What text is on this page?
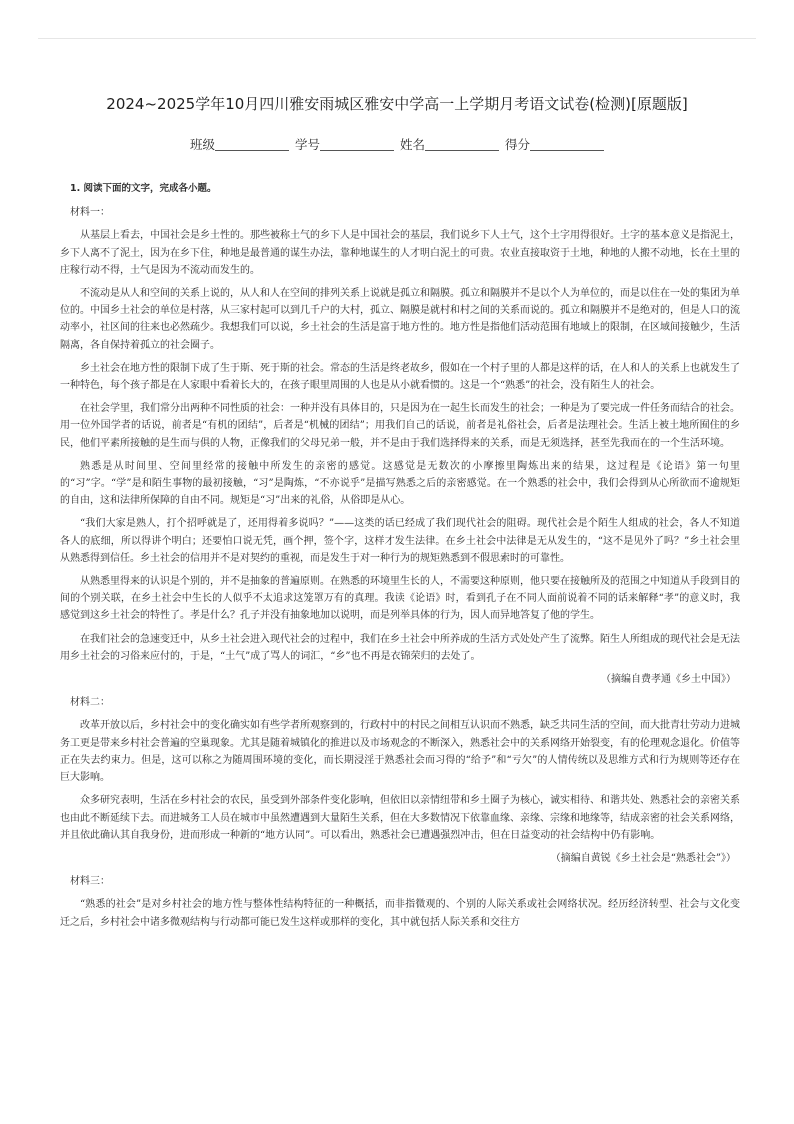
2024~2025学年10月四川雅安雨城区雅安中学高一上学期月考语文试卷(检测)[原题版]
班级	学号	姓名	得分
1. 阅读下面的文字，完成各小题。
材料一：

从基层上看去，中国社会是乡土性的。那些被称土气的乡下人是中国社会的基层，我们说乡下人土气，这个土字用得很好。土字的基本意义是指泥土，乡下人离不了泥土，因为在乡下住，种地是最普通的谋生办法，靠种地谋生的人才明白泥土的可贵。农业直接取资于土地，种地的人搬不动地，长在土里的庄稼行动不得，土气是因为不流动而发生的。

不流动是从人和空间的关系上说的，从人和人在空间的排列关系上说就是孤立和隔膜。孤立和隔膜并不是以个人为单位的，而是以住在一处的集团为单位的。中国乡土社会的单位是村落，从三家村起可以到几千户的大村，孤立、隔膜是就村和村之间的关系而说的。孤立和隔膜并不是绝对的，但是人口的流动率小，社区间的往来也必然疏少。我想我们可以说，乡土社会的生活是富于地方性的。地方性是指他们活动范围有地域上的限制，在区域间接触少，生活隔离，各自保持着孤立的社会圈子。

乡土社会在地方性的限制下成了生于斯、死于斯的社会。常态的生活是终老故乡，假如在一个村子里的人都是这样的话，在人和人的关系上也就发生了一种特色，每个孩子都是在人家眼中看着长大的，在孩子眼里周围的人也是从小就看惯的。这是一个“熟悉”的社会，没有陌生人的社会。

在社会学里，我们常分出两种不同性质的社会：一种并没有具体目的，只是因为在一起生长而发生的社会；一种是为了要完成一件任务而结合的社会。用一位外国学者的话说，前者是“有机的团结”，后者是“机械的团结”；用我们自己的话说，前者是礼俗社会，后者是法理社会。生活上被土地所囿住的乡民，他们平素所接触的是生而与俱的人物，正像我们的父母兄弟一般，并不是由于我们选择得来的关系，而是无须选择，甚至先我而在的一个生活环境。

熟悉是从时间里、空间里经常的接触中所发生的亲密的感觉。这感觉是无数次的小摩擦里陶炼出来的结果，这过程是《论语》第一句里的“习”字。“学”是和陌生事物的最初接触，“习”是陶炼，“不亦说乎”是描写熟悉之后的亲密感觉。在一个熟悉的社会中，我们会得到从心所欲而不逾规矩的自由，这和法律所保障的自由不同。规矩是“习”出来的礼俗，从俗即是从心。

“我们大家是熟人，打个招呼就是了，还用得着多说吗？”——这类的话已经成了我们现代社会的阻碍。现代社会是个陌生人组成的社会，各人不知道各人的底细，所以得讲个明白；还要怕口说无凭，画个押，签个字，这样才发生法律。在乡土社会中法律是无从发生的，“这不是见外了吗？”乡土社会里从熟悉得到信任。乡土社会的信用并不是对契约的重视，而是发生于对一种行为的规矩熟悉到不假思索时的可靠性。

从熟悉里得来的认识是个别的，并不是抽象的普遍原则。在熟悉的环境里生长的人，不需要这种原则，他只要在接触所及的范围之中知道从手段到目的间的个别关联，在乡土社会中生长的人似乎不太追求这笼罩万有的真理。我读《论语》时，看到孔子在不同人面前说着不同的话来解释“孝”的意义时，我感觉到这乡土社会的特性了。孝是什么？孔子并没有抽象地加以说明，而是列举具体的行为，因人而异地答复了他的学生。

在我们社会的急速变迁中，从乡土社会进入现代社会的过程中，我们在乡土社会中所养成的生活方式处处产生了流弊。陌生人所组成的现代社会是无法用乡土社会的习俗来应付的，于是，“土气”成了骂人的词汇，“乡”也不再是衣锦荣归的去处了。

（摘编自费孝通《乡土中国》）
材料二：

改革开放以后，乡村社会中的变化确实如有些学者所观察到的，行政村中的村民之间相互认识而不熟悉，缺乏共同生活的空间，而大批青壮劳动力进城务工更是带来乡村社会普遍的空巢现象。尤其是随着城镇化的推进以及市场观念的不断深入，熟悉社会中的关系网络开始裂变，有的伦理观念退化。价值等正在失去约束力。但是，这可以称之为随周围环境的变化，而长期浸淫于熟悉社会而习得的“给予”和“亏欠”的人情传统以及思维方式和行为规则等还存在巨大影响。

众多研究表明，生活在乡村社会的农民，虽受到外部条件变化影响，但依旧以亲情纽带和乡土圈子为核心，诚实相待、和谐共处、熟悉社会的亲密关系也由此不断延续下去。而进城务工人员在城市中虽然遭遇到大量陌生关系，但在大多数情况下依靠血缘、亲缘、宗缘和地缘等，结成亲密的社会关系网络，并且依此确认其自我身份，进而形成一种新的“地方认同”。可以看出，熟悉社会已遭遇强烈冲击，但在日益变动的社会结构中仍有影响。

（摘编自黄锐《乡土社会是“熟悉社会”》）
材料三：

“熟悉的社会”是对乡村社会的地方性与整体性结构特征的一种概括，而非指微观的、个别的人际关系或社会网络状况。经历经济转型、社会与文化变迁之后，乡村社会中诸多微观结构与行动都可能已发生这样或那样的变化，其中就包括人际关系和交往方
